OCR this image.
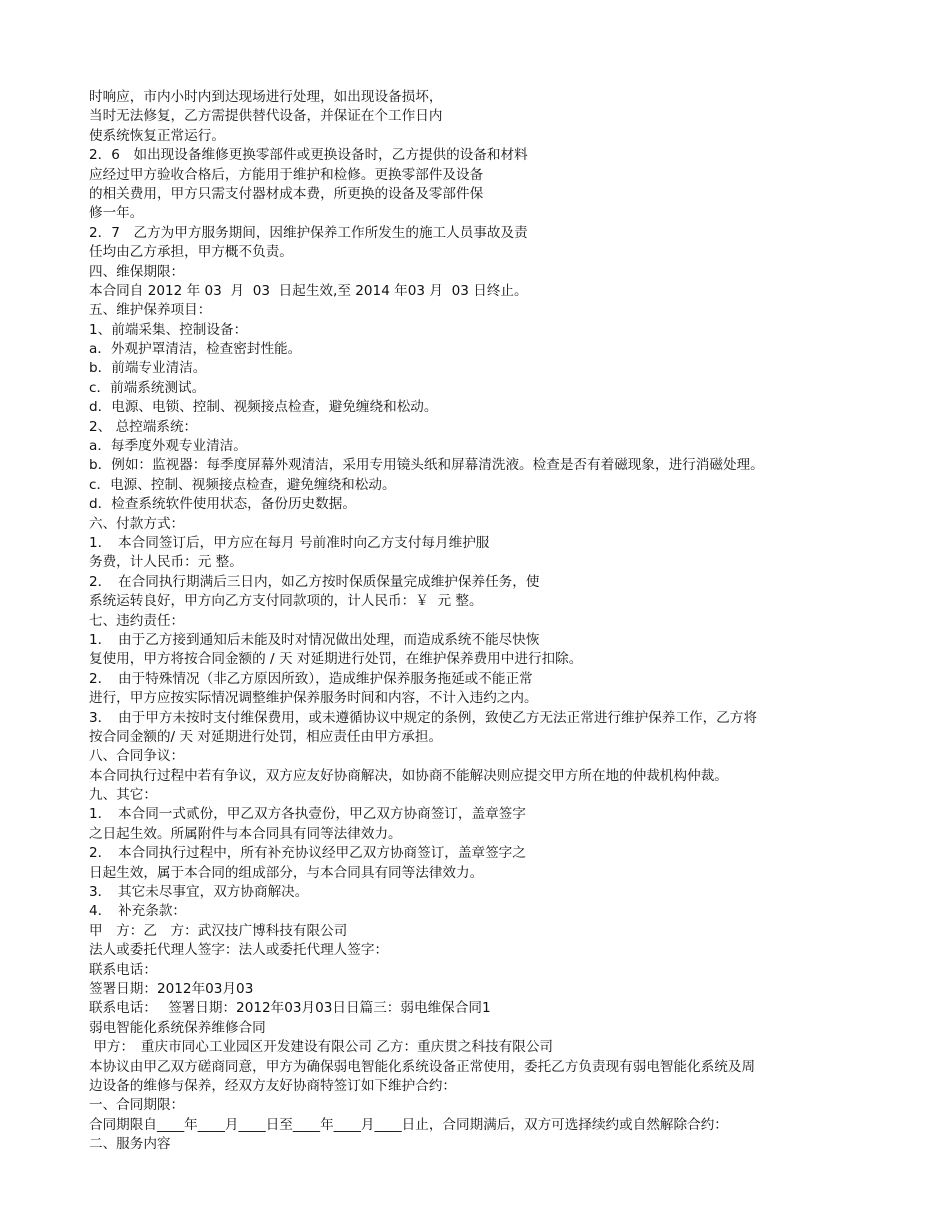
时响应，市内小时内到达现场进行处理，如出现设备损坏，
当时无法修复，乙方需提供替代设备，并保证在个工作日内
使系统恢复正常运行。
2．6　如出现设备维修更换零部件或更换设备时，乙方提供的设备和材料
应经过甲方验收合格后，方能用于维护和检修。更换零部件及设备
的相关费用，甲方只需支付器材成本费，所更换的设备及零部件保
修一年。
2．7　乙方为甲方服务期间，因维护保养工作所发生的施工人员事故及责
任均由乙方承担，甲方概不负责。
四、维保期限：
本合同自 2012 年 03  月  03  日起生效,至 2014 年03 月  03 日终止。
五、维护保养项目：
1、前端采集、控制设备：
a．外观护罩清洁，检查密封性能。
b．前端专业清洁。
c．前端系统测试。
d．电源、电锁、控制、视频接点检查，避免缠绕和松动。
2、 总控端系统：
a．每季度外观专业清洁。
b．例如：监视器：每季度屏幕外观清洁，采用专用镜头纸和屏幕清洗液。检查是否有着磁现象，进行消磁处理。
c．电源、控制、视频接点检查，避免缠绕和松动。
d．检查系统软件使用状态，备份历史数据。
六、付款方式：
1．　本合同签订后，甲方应在每月 号前准时向乙方支付每月维护服
务费，计人民币：元 整。
2．　在合同执行期满后三日内，如乙方按时保质保量完成维护保养任务，使
系统运转良好，甲方向乙方支付同款项的，计人民币：￥  元 整。
七、违约责任：
1．　由于乙方接到通知后未能及时对情况做出处理，而造成系统不能尽快恢
复使用，甲方将按合同金额的 / 天 对延期进行处罚，在维护保养费用中进行扣除。
2．　由于特殊情况（非乙方原因所致），造成维护保养服务拖延或不能正常
进行，甲方应按实际情况调整维护保养服务时间和内容，不计入违约之内。
3．　由于甲方未按时支付维保费用，或未遵循协议中规定的条例，致使乙方无法正常进行维护保养工作，乙方将
按合同金额的/ 天 对延期进行处罚，相应责任由甲方承担。
八、合同争议：
本合同执行过程中若有争议，双方应友好协商解决，如协商不能解决则应提交甲方所在地的仲裁机构仲裁。
九、其它：
1．　本合同一式贰份，甲乙双方各执壹份，甲乙双方协商签订，盖章签字
之日起生效。所属附件与本合同具有同等法律效力。
2．　本合同执行过程中，所有补充协议经甲乙双方协商签订，盖章签字之
日起生效，属于本合同的组成部分，与本合同具有同等法律效力。
3．　其它未尽事宜，双方协商解决。
4．　补充条款：
甲　方：乙　方：武汉技广博科技有限公司
法人或委托代理人签字：法人或委托代理人签字：
联系电话：
签署日期：2012年03月03
联系电话：　 签署日期：2012年03月03日日篇三：弱电维保合同1
弱电智能化系统保养维修合同
甲方：　重庆市同心工业园区开发建设有限公司 乙方：重庆贯之科技有限公司
本协议由甲乙双方磋商同意，甲方为确保弱电智能化系统设备正常使用，委托乙方负责现有弱电智能化系统及周
边设备的维修与保养，经双方友好协商特签订如下维护合约：
一、合同期限：
合同期限自____年____月____日至____年____月____日止，合同期满后，双方可选择续约或自然解除合约：
二、服务内容
